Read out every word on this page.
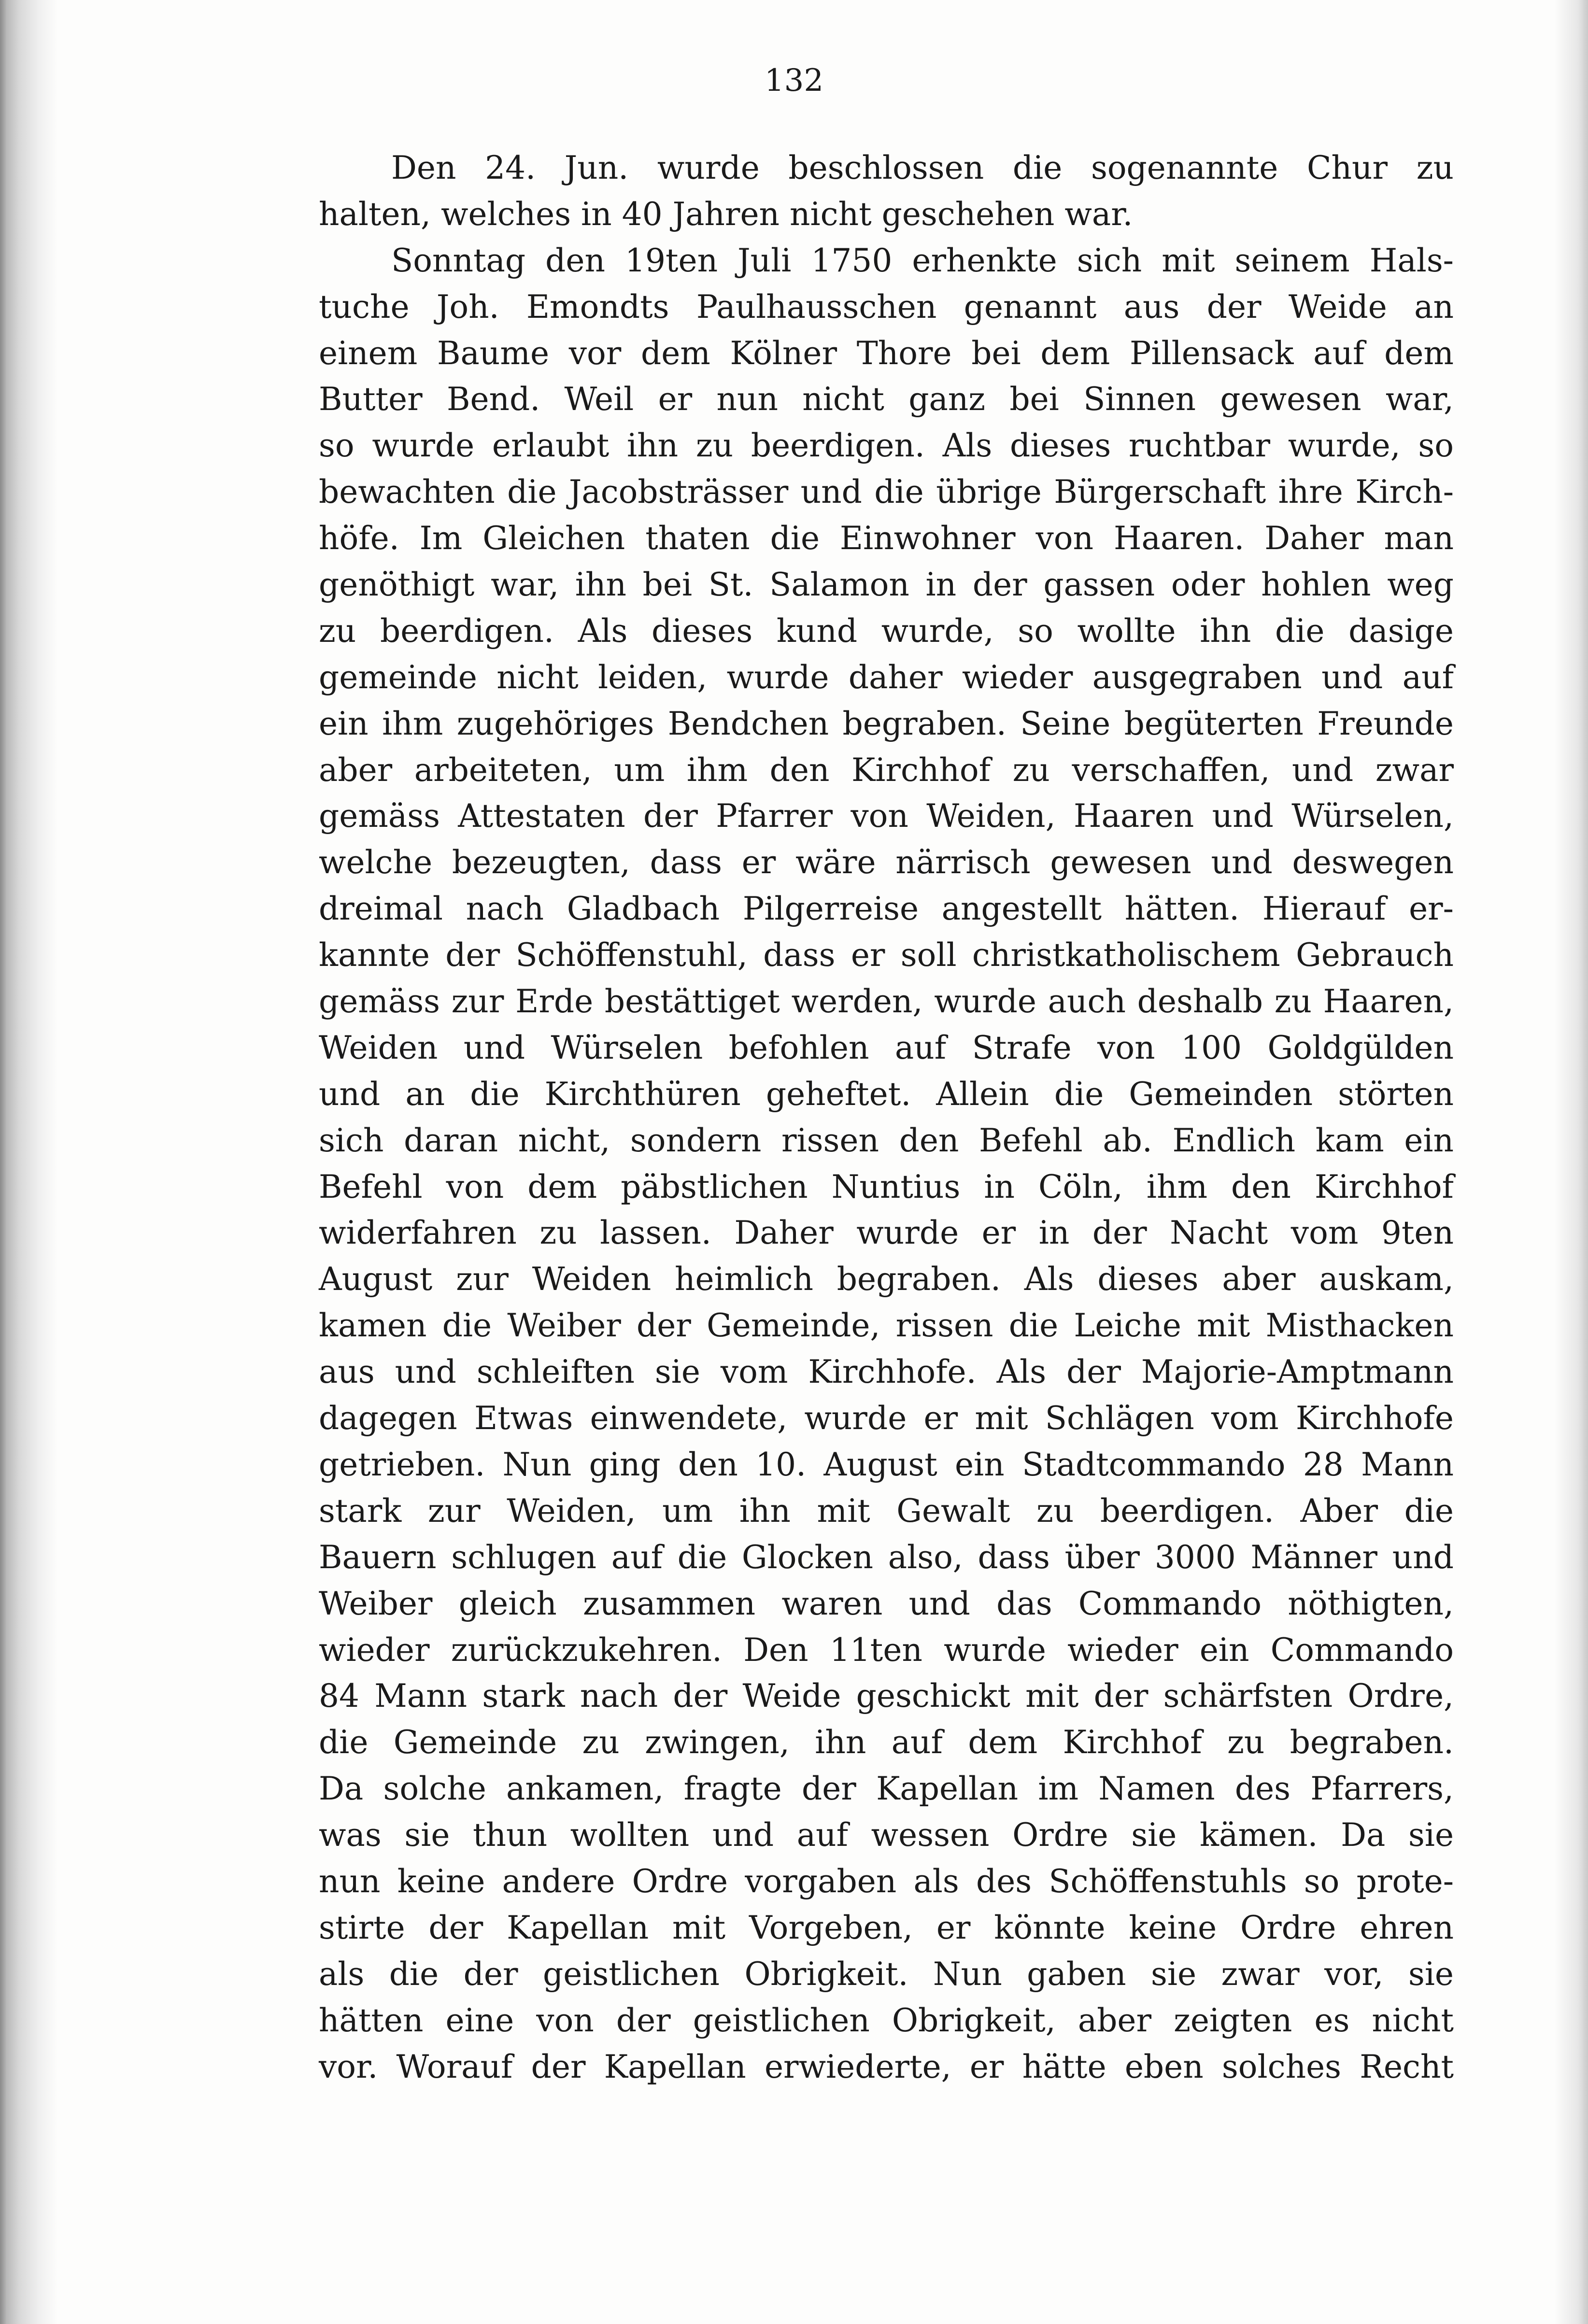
132
Den 24. Jun. wurde beschlossen die sogenannte Chur zu
halten, welches in 40 Jahren nicht geschehen war.
Sonntag den 19ten Juli 1750 erhenkte sich mit seinem Hals-
tuche Joh. Emondts Paulhausschen genannt aus der Weide an
einem Baume vor dem Kölner Thore bei dem Pillensack auf dem
Butter Bend. Weil er nun nicht ganz bei Sinnen gewesen war,
so wurde erlaubt ihn zu beerdigen. Als dieses ruchtbar wurde, so
bewachten die Jacobsträsser und die übrige Bürgerschaft ihre Kirch-
höfe. Im Gleichen thaten die Einwohner von Haaren. Daher man
genöthigt war, ihn bei St. Salamon in der gassen oder hohlen weg
zu beerdigen. Als dieses kund wurde, so wollte ihn die dasige
gemeinde nicht leiden, wurde daher wieder ausgegraben und auf
ein ihm zugehöriges Bendchen begraben. Seine begüterten Freunde
aber arbeiteten, um ihm den Kirchhof zu verschaffen, und zwar
gemäss Attestaten der Pfarrer von Weiden, Haaren und Würselen,
welche bezeugten, dass er wäre närrisch gewesen und deswegen
dreimal nach Gladbach Pilgerreise angestellt hätten. Hierauf er-
kannte der Schöffenstuhl, dass er soll christkatholischem Gebrauch
gemäss zur Erde bestättiget werden, wurde auch deshalb zu Haaren,
Weiden und Würselen befohlen auf Strafe von 100 Goldgülden
und an die Kirchthüren geheftet. Allein die Gemeinden störten
sich daran nicht, sondern rissen den Befehl ab. Endlich kam ein
Befehl von dem päbstlichen Nuntius in Cöln, ihm den Kirchhof
widerfahren zu lassen. Daher wurde er in der Nacht vom 9ten
August zur Weiden heimlich begraben. Als dieses aber auskam,
kamen die Weiber der Gemeinde, rissen die Leiche mit Misthacken
aus und schleiften sie vom Kirchhofe. Als der Majorie-Amptmann
dagegen Etwas einwendete, wurde er mit Schlägen vom Kirchhofe
getrieben. Nun ging den 10. August ein Stadtcommando 28 Mann
stark zur Weiden, um ihn mit Gewalt zu beerdigen. Aber die
Bauern schlugen auf die Glocken also, dass über 3000 Männer und
Weiber gleich zusammen waren und das Commando nöthigten,
wieder zurückzukehren. Den 11ten wurde wieder ein Commando
84 Mann stark nach der Weide geschickt mit der schärfsten Ordre,
die Gemeinde zu zwingen, ihn auf dem Kirchhof zu begraben.
Da solche ankamen, fragte der Kapellan im Namen des Pfarrers,
was sie thun wollten und auf wessen Ordre sie kämen. Da sie
nun keine andere Ordre vorgaben als des Schöffenstuhls so prote-
stirte der Kapellan mit Vorgeben, er könnte keine Ordre ehren
als die der geistlichen Obrigkeit. Nun gaben sie zwar vor, sie
hätten eine von der geistlichen Obrigkeit, aber zeigten es nicht
vor. Worauf der Kapellan erwiederte, er hätte eben solches Recht
